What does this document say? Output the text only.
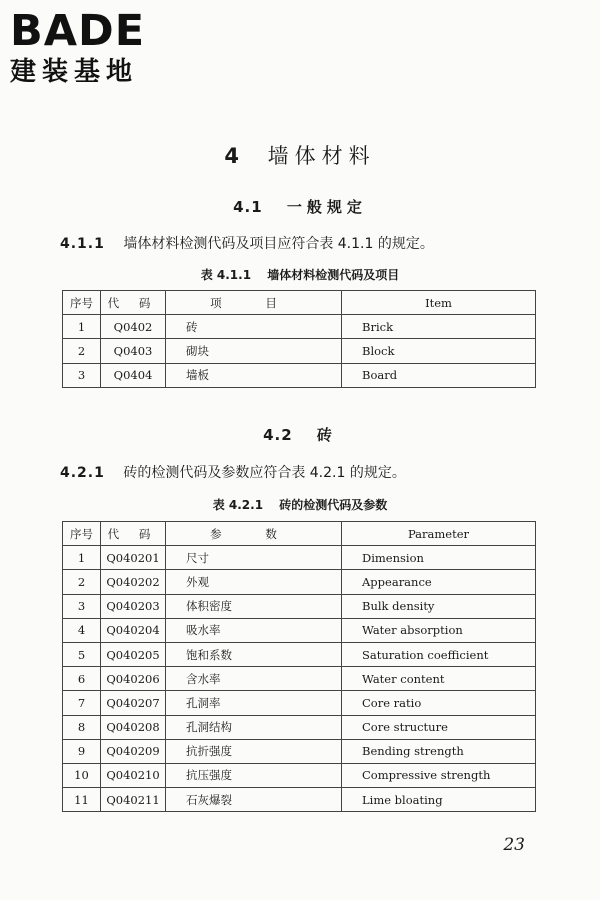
BADE
建装基地
4 墙体材料
4.1 一般规定
4.1.1 墙体材料检测代码及项目应符合表 4.1.1 的规定。
表 4.1.1 墙体材料检测代码及项目
序号	代 码	项 目	Item
1	Q0402	砖	Brick
2	Q0403	砌块	Block
3	Q0404	墙板	Board
4.2 砖
4.2.1 砖的检测代码及参数应符合表 4.2.1 的规定。
表 4.2.1 砖的检测代码及参数
序号	代 码	参 数	Parameter
1	Q040201	尺寸	Dimension
2	Q040202	外观	Appearance
3	Q040203	体积密度	Bulk density
4	Q040204	吸水率	Water absorption
5	Q040205	饱和系数	Saturation coefficient
6	Q040206	含水率	Water content
7	Q040207	孔洞率	Core ratio
8	Q040208	孔洞结构	Core structure
9	Q040209	抗折强度	Bending strength
10	Q040210	抗压强度	Compressive strength
11	Q040211	石灰爆裂	Lime bloating
23
